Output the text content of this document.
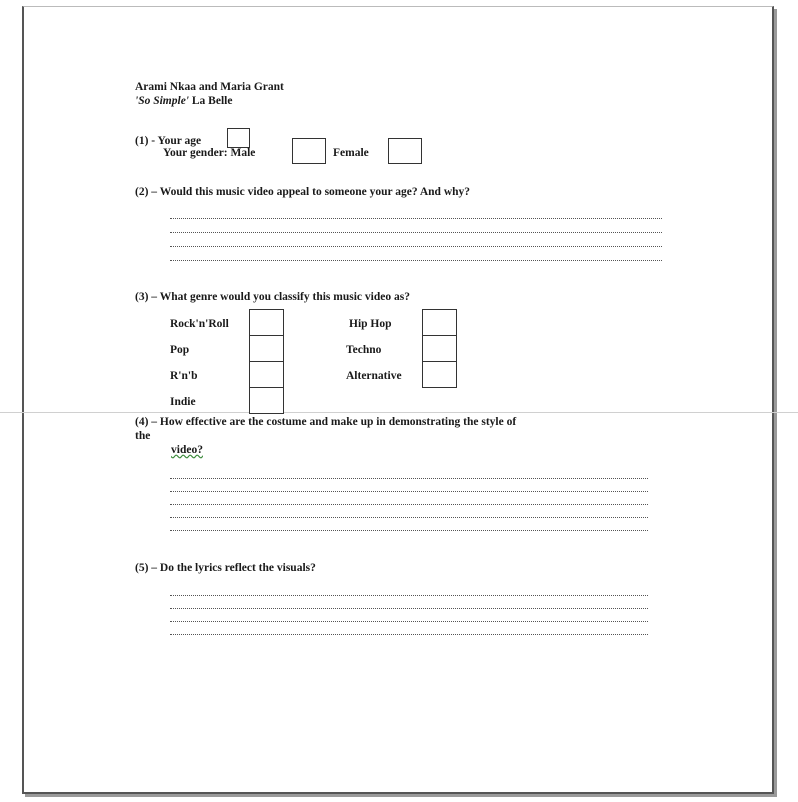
Arami Nkaa and Maria Grant
'So Simple' La Belle
(1) - Your age
Your gender: Male	Female
(2) – Would this music video appeal to someone your age? And why?
(3) – What genre would you classify this music video as?
Rock'n'Roll
Pop
R'n'b
Indie
Hip Hop
Techno
Alternative
(4) – How effective are the costume and make up in demonstrating the style of
the
video?
(5) – Do the lyrics reflect the visuals?
